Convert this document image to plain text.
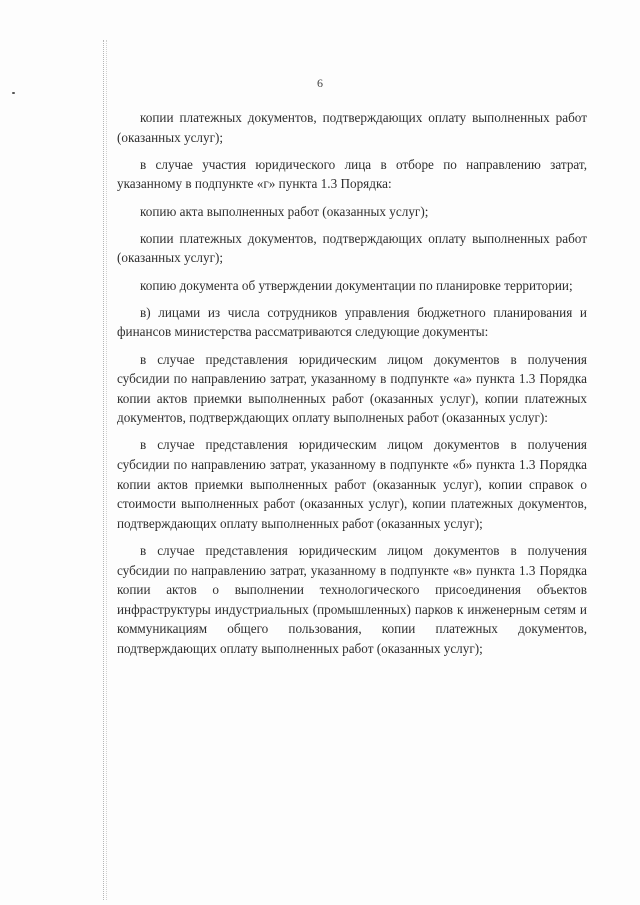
6

копии платежных документов, подтверждающих оплату выполненных работ (оказанных услуг);

в случае участия юридического лица в отборе по направлению затрат, указанному в подпункте «г» пункта 1.3 Порядка:

копию акта выполненных работ (оказанных услуг);

копии платежных документов, подтверждающих оплату выполненных работ (оказанных услуг);

копию документа об утверждении документации по планировке территории;

в) лицами из числа сотрудников управления бюджетного планирования и финансов министерства рассматриваются следующие документы:

в случае представления юридическим лицом документов в получения субсидии по направлению затрат, указанному в подпункте «а» пункта 1.3 Порядка копии актов приемки выполненных работ (оказанных услуг), копии платежных документов, подтверждающих оплату выполненых работ (оказанных услуг):

в случае представления юридическим лицом документов в получения субсидии по направлению затрат, указанному в подпункте «б» пункта 1.3 Порядка копии актов приемки выполненных работ (оказаннык услуг), копии справок о стоимости выполненных работ (оказанных услуг), копии платежных документов, подтверждающих оплату выполненных работ (оказанных услуг);

в случае представления юридическим лицом документов в получения субсидии по направлению затрат, указанному в подпункте «в» пункта 1.3 Порядка копии актов о выполнении технологического присоединения объектов инфраструктуры индустриальных (промышленных) парков к инженерным сетям и коммуникациям общего пользования, копии платежных документов, подтверждающих оплату выполненных работ (оказанных услуг);
